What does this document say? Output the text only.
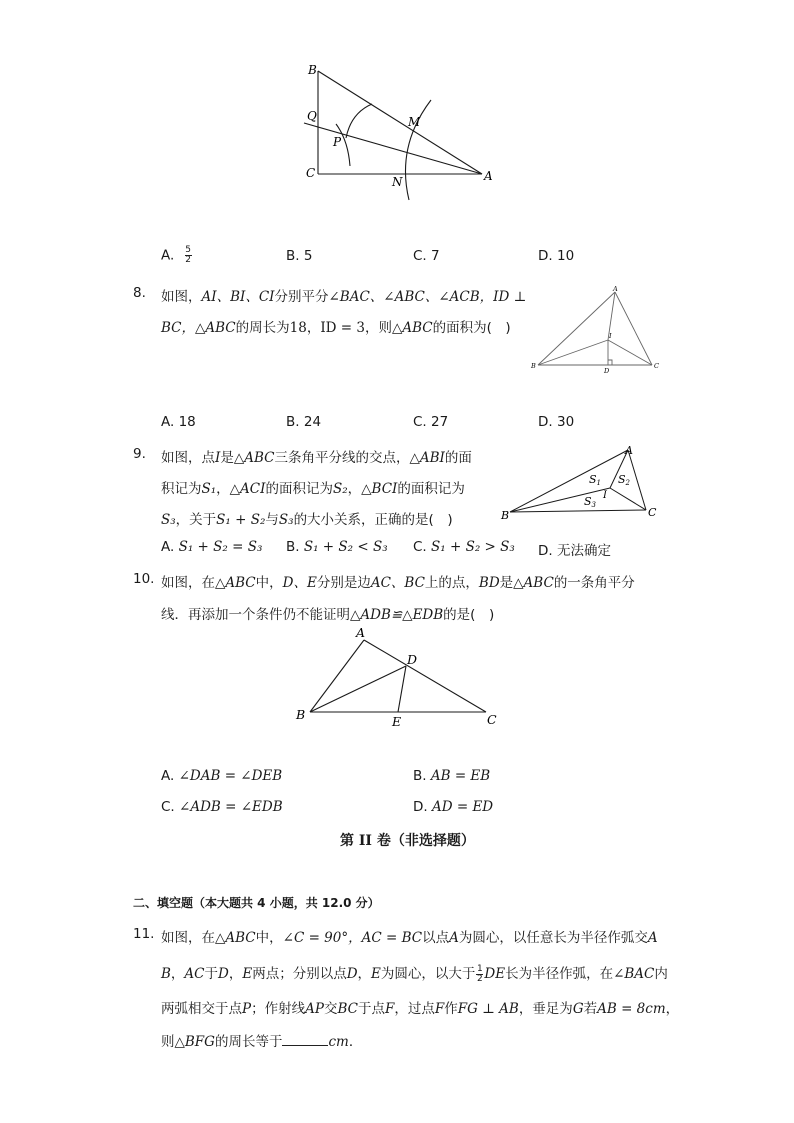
B
Q
P
M
C
N	A
A. $\frac{5}{2}$	B. 5	C. 7	D. 10
8. 如图，AI、BI、CI分别平分∠BAC、∠ABC、∠ACB，ID ⊥
BC，△ABC的周长为18，ID = 3，则△ABC的面积为(　)
A
I
B
D
C
A. 18	B. 24	C. 27	D. 30
9. 如图，点I是△ABC三条角平分线的交点，△ABI的面
积记为S₁，△ACI的面积记为S₂，△BCI的面积记为
S₃，关于S₁ + S₂与S₃的大小关系，正确的是(　)
A
S1 S2
S3
I
B	C
A. S₁ + S₂ = S₃ B. S₁ + S₂ < S₃ C. S₁ + S₂ > S₃ D. 无法确定
10. 如图，在△ABC中，D、E分别是边AC、BC上的点，BD是△ABC的一条角平分
线．再添加一个条件仍不能证明△ADB≌△EDB的是(　)
A
D
B	E	C
A. ∠DAB = ∠DEB	B. AB = EB
C. ∠ADB = ∠EDB	D. AD = ED
第 II 卷（非选择题）
二、填空题（本大题共 4 小题，共 12.0 分）
11. 如图，在△ABC中，∠C = 90°，AC = BC以点A为圆心，以任意长为半径作弧交A
B，AC于D，E两点；分别以点D，E为圆心，以大于 $\frac{1}{2}$ DE长为半径作弧，在∠BAC内
两弧相交于点P；作射线AP交BC于点F，过点F作FG ⊥ AB，垂足为G若AB = 8cm，
则△BFG的周长等于	cm．
